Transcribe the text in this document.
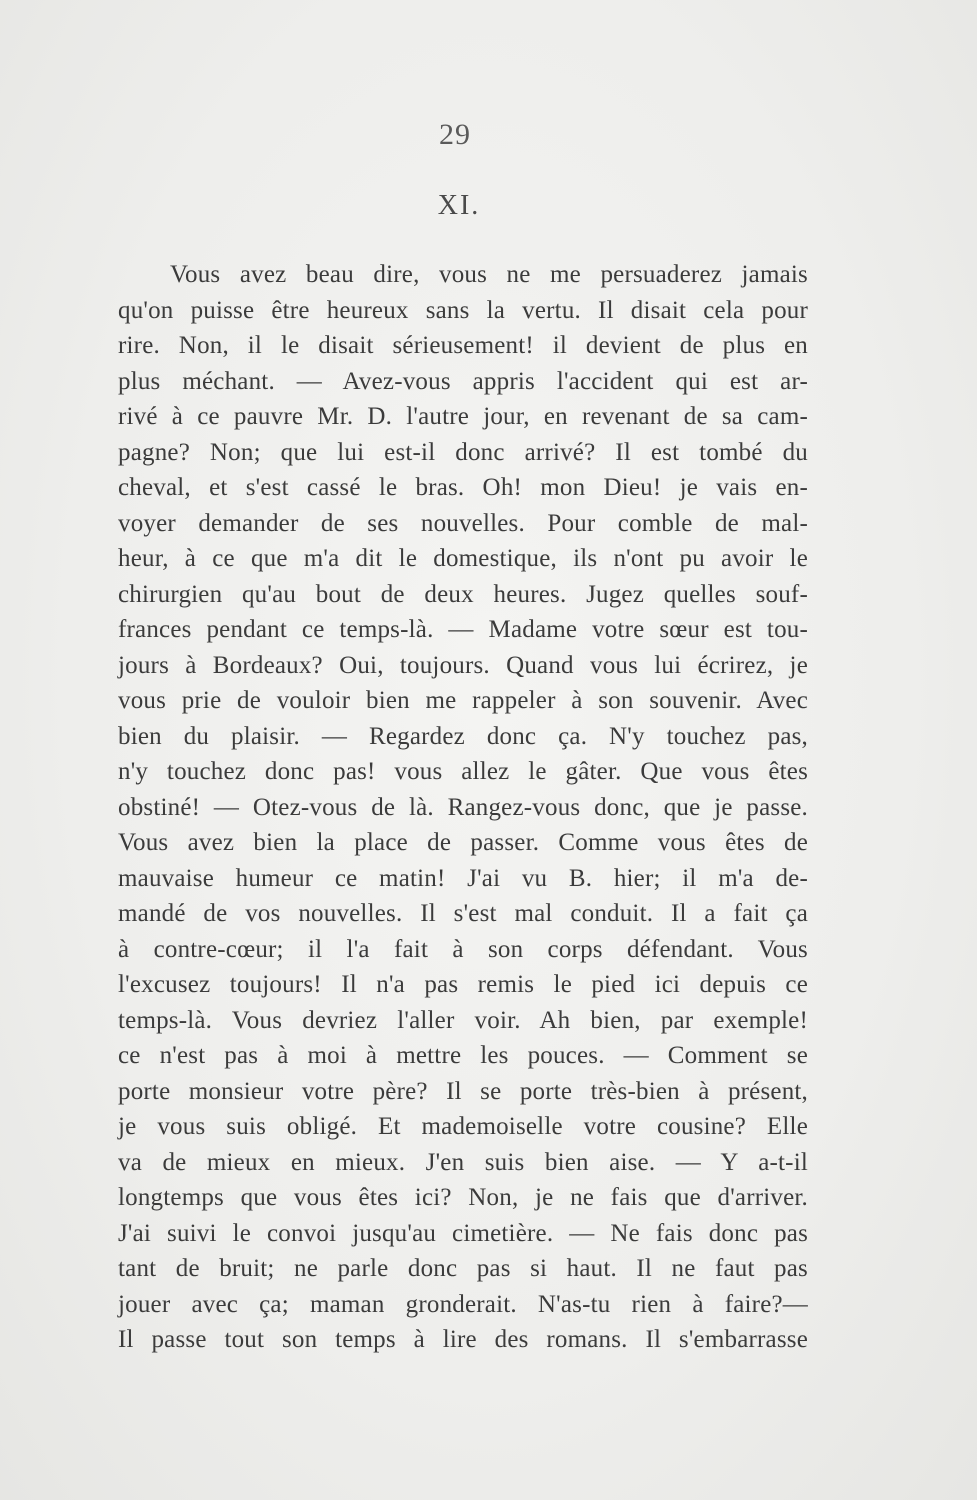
29
XI.
Vous avez beau dire, vous ne me persuaderez jamais
qu'on puisse être heureux sans la vertu. Il disait cela pour
rire. Non, il le disait sérieusement! il devient de plus en
plus méchant. — Avez-vous appris l'accident qui est ar-
rivé à ce pauvre Mr. D. l'autre jour, en revenant de sa cam-
pagne? Non; que lui est-il donc arrivé? Il est tombé du
cheval, et s'est cassé le bras. Oh! mon Dieu! je vais en-
voyer demander de ses nouvelles. Pour comble de mal-
heur, à ce que m'a dit le domestique, ils n'ont pu avoir le
chirurgien qu'au bout de deux heures. Jugez quelles souf-
frances pendant ce temps-là. — Madame votre sœur est tou-
jours à Bordeaux? Oui, toujours. Quand vous lui écrirez, je
vous prie de vouloir bien me rappeler à son souvenir. Avec
bien du plaisir. — Regardez donc ça. N'y touchez pas,
n'y touchez donc pas! vous allez le gâter. Que vous êtes
obstiné! — Otez-vous de là. Rangez-vous donc, que je passe.
Vous avez bien la place de passer. Comme vous êtes de
mauvaise humeur ce matin! J'ai vu B. hier; il m'a de-
mandé de vos nouvelles. Il s'est mal conduit. Il a fait ça
à contre-cœur; il l'a fait à son corps défendant. Vous
l'excusez toujours! Il n'a pas remis le pied ici depuis ce
temps-là. Vous devriez l'aller voir. Ah bien, par exemple!
ce n'est pas à moi à mettre les pouces. — Comment se
porte monsieur votre père? Il se porte très-bien à présent,
je vous suis obligé. Et mademoiselle votre cousine? Elle
va de mieux en mieux. J'en suis bien aise. — Y a-t-il
longtemps que vous êtes ici? Non, je ne fais que d'arriver.
J'ai suivi le convoi jusqu'au cimetière. — Ne fais donc pas
tant de bruit; ne parle donc pas si haut. Il ne faut pas
jouer avec ça; maman gronderait. N'as-tu rien à faire?—
Il passe tout son temps à lire des romans. Il s'embarrasse
